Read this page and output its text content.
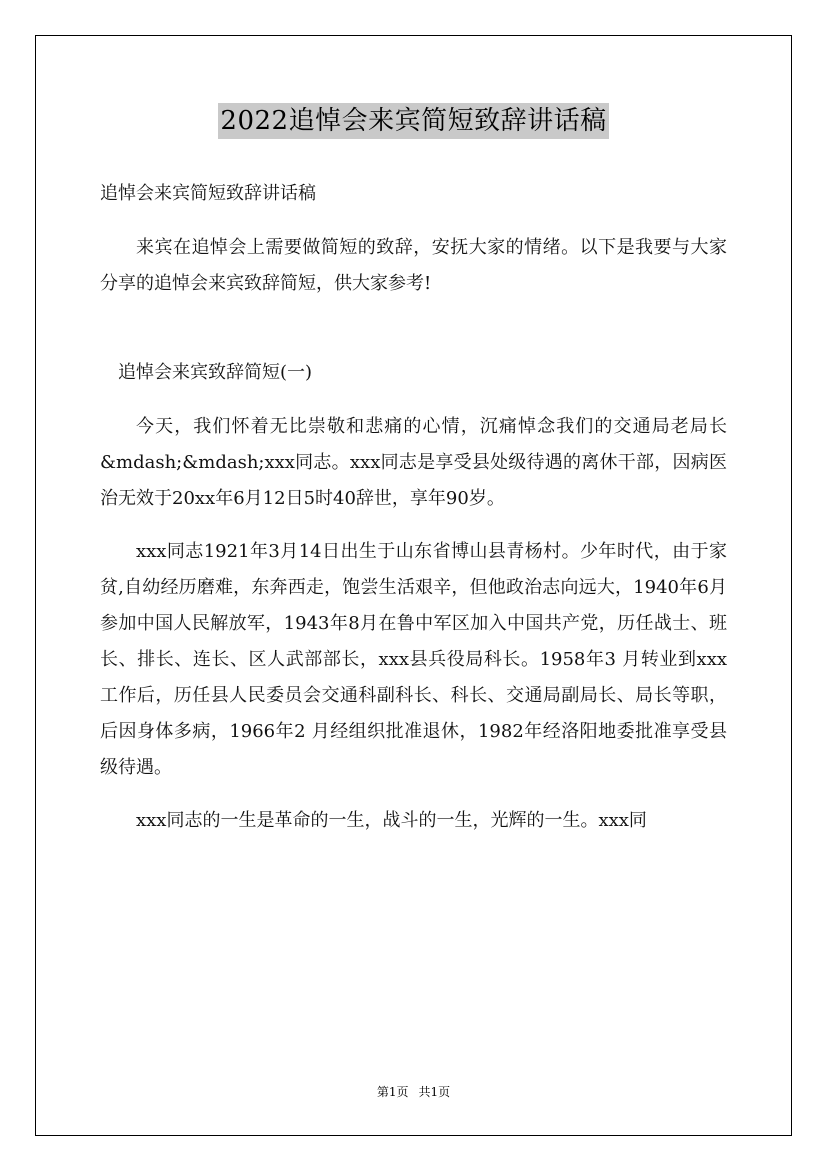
2022追悼会来宾简短致辞讲话稿

追悼会来宾简短致辞讲话稿

来宾在追悼会上需要做简短的致辞，安抚大家的情绪。以下是我要与大家分享的追悼会来宾致辞简短，供大家参考!

追悼会来宾致辞简短(一)

今天，我们怀着无比崇敬和悲痛的心情，沉痛悼念我们的交通局老局长&mdash;&mdash;xxx同志。xxx同志是享受县处级待遇的离休干部，因病医治无效于20xx年6月12日5时40辞世，享年90岁。

xxx同志1921年3月14日出生于山东省博山县青杨村。少年时代，由于家贫,自幼经历磨难，东奔西走，饱尝生活艰辛，但他政治志向远大，1940年6月参加中国人民解放军，1943年8月在鲁中军区加入中国共产党，历任战士、班长、排长、连长、区人武部部长，xxx县兵役局科长。1958年3 月转业到xxx工作后，历任县人民委员会交通科副科长、科长、交通局副局长、局长等职，后因身体多病，1966年2 月经组织批准退休，1982年经洛阳地委批准享受县级待遇。

xxx同志的一生是革命的一生，战斗的一生，光辉的一生。xxx同

第1页 共1页
